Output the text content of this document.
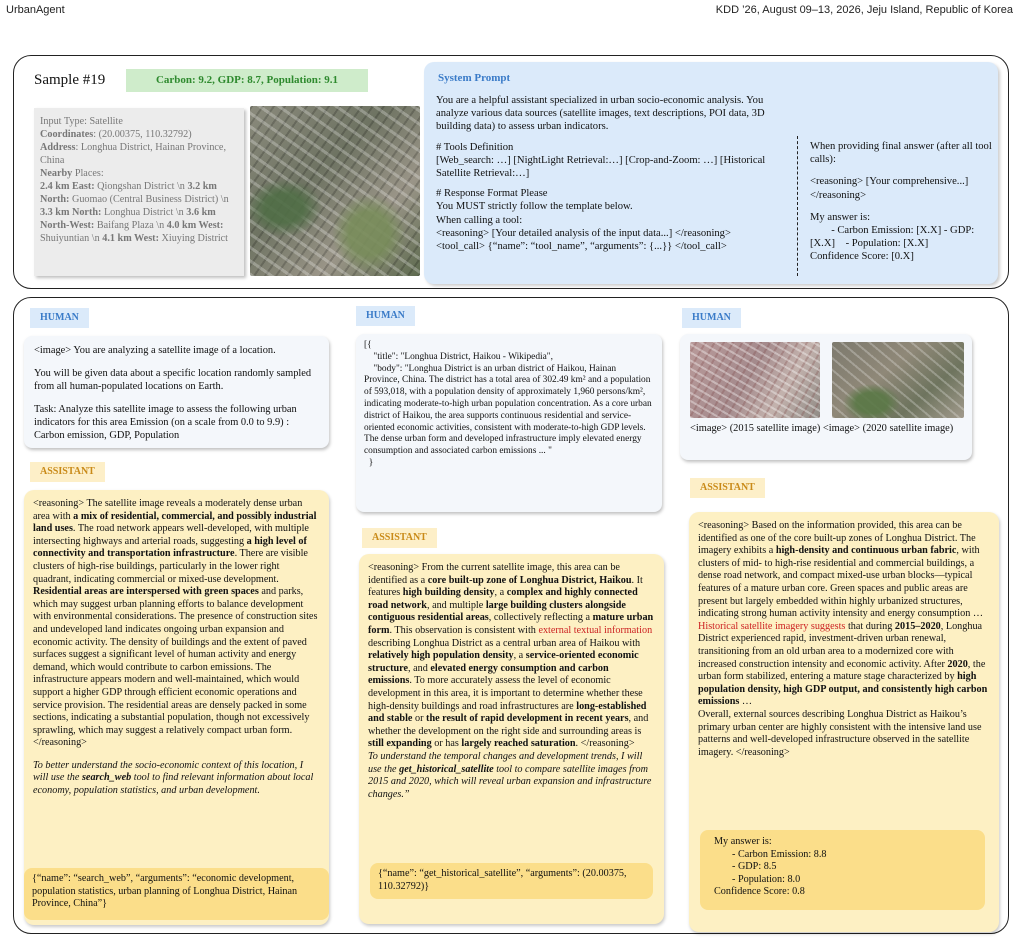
UrbanAgent	KDD ’26, August 09–13, 2026, Jeju Island, Republic of Korea
Sample #19	Carbon: 9.2, GDP: 8.7, Population: 9.1
Input Type: Satellite
Coordinates: (20.00375, 110.32792)
Address: Longhua District, Hainan Province, China
Nearby Places:
2.4 km East: Qiongshan District \n 3.2 km North: Guomao (Central Business District) \n 3.3 km North: Longhua District \n 3.6 km North-West: Baifang Plaza \n 4.0 km West: Shuiyuntian \n 4.1 km West: Xiuying District
System Prompt

You are a helpful assistant specialized in urban socio-economic analysis. You analyze various data sources (satellite images, text descriptions, POI data, 3D building data) to assess urban indicators.

# Tools Definition
[Web_search: …] [NightLight Retrieval:…] [Crop-and-Zoom: …] [Historical Satellite Retrieval:…]

# Response Format Please
You MUST strictly follow the template below.
When calling a tool:
<reasoning> [Your detailed analysis of the input data...] </reasoning>
<tool_call> {“name”: “tool_name”, “arguments”: {...}} </tool_call>

When providing final answer (after all tool calls):

<reasoning> [Your comprehensive...] </reasoning>

My answer is:
- Carbon Emission: [X.X] - GDP: [X.X]    - Population: [X.X]
Confidence Score: [0.X]
HUMAN
<image> You are analyzing a satellite image of a location.

You will be given data about a specific location randomly sampled from all human-populated locations on Earth.

Task: Analyze this satellite image to assess the following urban indicators for this area Emission (on a scale from 0.0 to 9.9) : Carbon emission, GDP, Population

ASSISTANT
<reasoning> The satellite image reveals a moderately dense urban area with a mix of residential, commercial, and possibly industrial land uses. The road network appears well-developed, with multiple intersecting highways and arterial roads, suggesting a high level of connectivity and transportation infrastructure. There are visible clusters of high-rise buildings, particularly in the lower right quadrant, indicating commercial or mixed-use development. Residential areas are interspersed with green spaces and parks, which may suggest urban planning efforts to balance development with environmental considerations. The presence of construction sites and undeveloped land indicates ongoing urban expansion and economic activity. The density of buildings and the extent of paved surfaces suggest a significant level of human activity and energy demand, which would contribute to carbon emissions. The infrastructure appears modern and well-maintained, which would support a higher GDP through efficient economic operations and service provision. The residential areas are densely packed in some sections, indicating a substantial population, though not excessively sprawling, which may suggest a relatively compact urban form.</reasoning>

To better understand the socio-economic context of this location, I will use the search_web tool to find relevant information about local economy, population statistics, and urban development.

{“name”: “search_web”, “arguments”: “economic development, population statistics, urban planning of Longhua District, Hainan Province, China”}
HUMAN
[{
"title": "Longhua District, Haikou - Wikipedia",
"body": "Longhua District is an urban district of Haikou, Hainan Province, China. The district has a total area of 302.49 km² and a population of 593,018, with a population density of approximately 1,960 persons/km², indicating moderate-to-high urban population concentration. As a core urban district of Haikou, the area supports continuous residential and service-oriented economic activities, consistent with moderate-to-high GDP levels. The dense urban form and developed infrastructure imply elevated energy consumption and associated carbon emissions ... "
}
ASSISTANT
<reasoning> From the current satellite image, this area can be identified as a core built-up zone of Longhua District, Haikou. It features high building density, a complex and highly connected road network, and multiple large building clusters alongside contiguous residential areas, collectively reflecting a mature urban form. This observation is consistent with external textual information describing Longhua District as a central urban area of Haikou with relatively high population density, a service-oriented economic structure, and elevated energy consumption and carbon emissions. To more accurately assess the level of economic development in this area, it is important to determine whether these high-density buildings and road infrastructures are long-established and stable or the result of rapid development in recent years, and whether the development on the right side and surrounding areas is still expanding or has largely reached saturation. </reasoning>
To understand the temporal changes and development trends, I will use the get_historical_satellite tool to compare satellite images from 2015 and 2020, which will reveal urban expansion and infrastructure changes.”
{“name”: “get_historical_satellite”, “arguments”: (20.00375, 110.32792)}
HUMAN
<image> (2015 satellite image) <image> (2020 satellite image)
ASSISTANT
<reasoning> Based on the information provided, this area can be identified as one of the core built-up zones of Longhua District. The imagery exhibits a high-density and continuous urban fabric, with clusters of mid- to high-rise residential and commercial buildings, a dense road network, and compact mixed-use urban blocks—typical features of a mature urban core. Green spaces and public areas are present but largely embedded within highly urbanized structures, indicating strong human activity intensity and energy consumption …
Historical satellite imagery suggests that during 2015–2020, Longhua District experienced rapid, investment-driven urban renewal, transitioning from an old urban area to a modernized core with increased construction intensity and economic activity. After 2020, the urban form stabilized, entering a mature stage characterized by high population density, high GDP output, and consistently high carbon emissions …
Overall, external sources describing Longhua District as Haikou’s primary urban center are highly consistent with the intensive land use patterns and well-developed infrastructure observed in the satellite imagery. </reasoning>
My answer is:
- Carbon Emission: 8.8
- GDP: 8.5
- Population: 8.0
Confidence Score: 0.8
